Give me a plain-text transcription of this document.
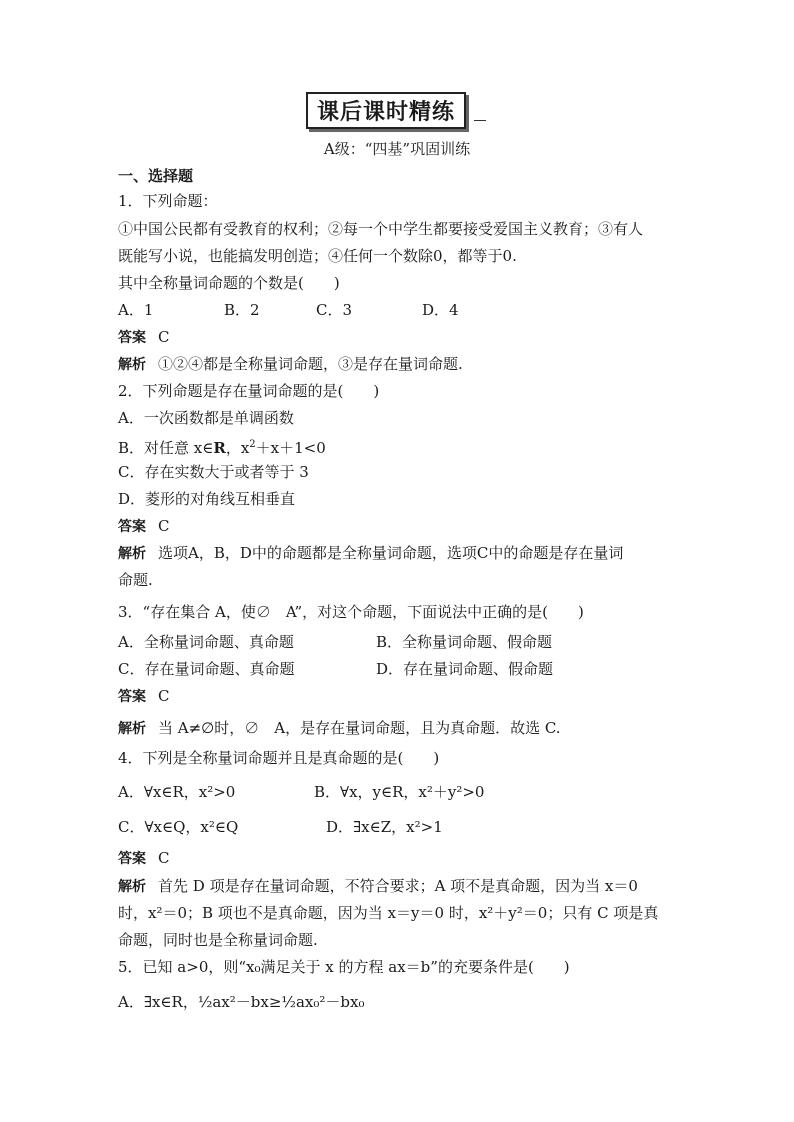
课后课时精练
A级：“四基”巩固训练
一、选择题
1．下列命题：
①中国公民都有受教育的权利；②每一个中学生都要接受爱国主义教育；③有人
既能写小说，也能搞发明创造；④任何一个数除0，都等于0.
其中全称量词命题的个数是(　　)
A．1	B．2	C．3	D．4
答案 C
解析 ①②④都是全称量词命题，③是存在量词命题.
2．下列命题是存在量词命题的是(　　)
A．一次函数都是单调函数
B．对任意 x∈R，$x^2+x+1<0$
C．存在实数大于或者等于 3
D．菱形的对角线互相垂直
答案 C
解析 选项A，B，D中的命题都是全称量词命题，选项C中的命题是存在量词
命题.
3．“存在集合 A，使∅　A”，对这个命题，下面说法中正确的是(　　)
A．全称量词命题、真命题	B．全称量词命题、假命题
C．存在量词命题、真命题	D．存在量词命题、假命题
答案 C
解析 当 A≠∅时，∅　A，是存在量词命题，且为真命题．故选 C.
4．下列是全称量词命题并且是真命题的是(　　)
A．∀x∈R，x²>0	B．∀x，y∈R，x²＋y²>0
C．∀x∈Q，x²∈Q	D．∃x∈Z，x²>1
答案 C
解析 首先 D 项是存在量词命题，不符合要求；A 项不是真命题，因为当 x＝0
时，x²＝0；B 项也不是真命题，因为当 x＝y＝0 时，x²＋y²＝0；只有 C 项是真
命题，同时也是全称量词命题.
5．已知 a>0，则“x₀满足关于 x 的方程 ax＝b”的充要条件是(　　)
A．∃x∈R，½ax²－bx≥½ax₀²－bx₀
